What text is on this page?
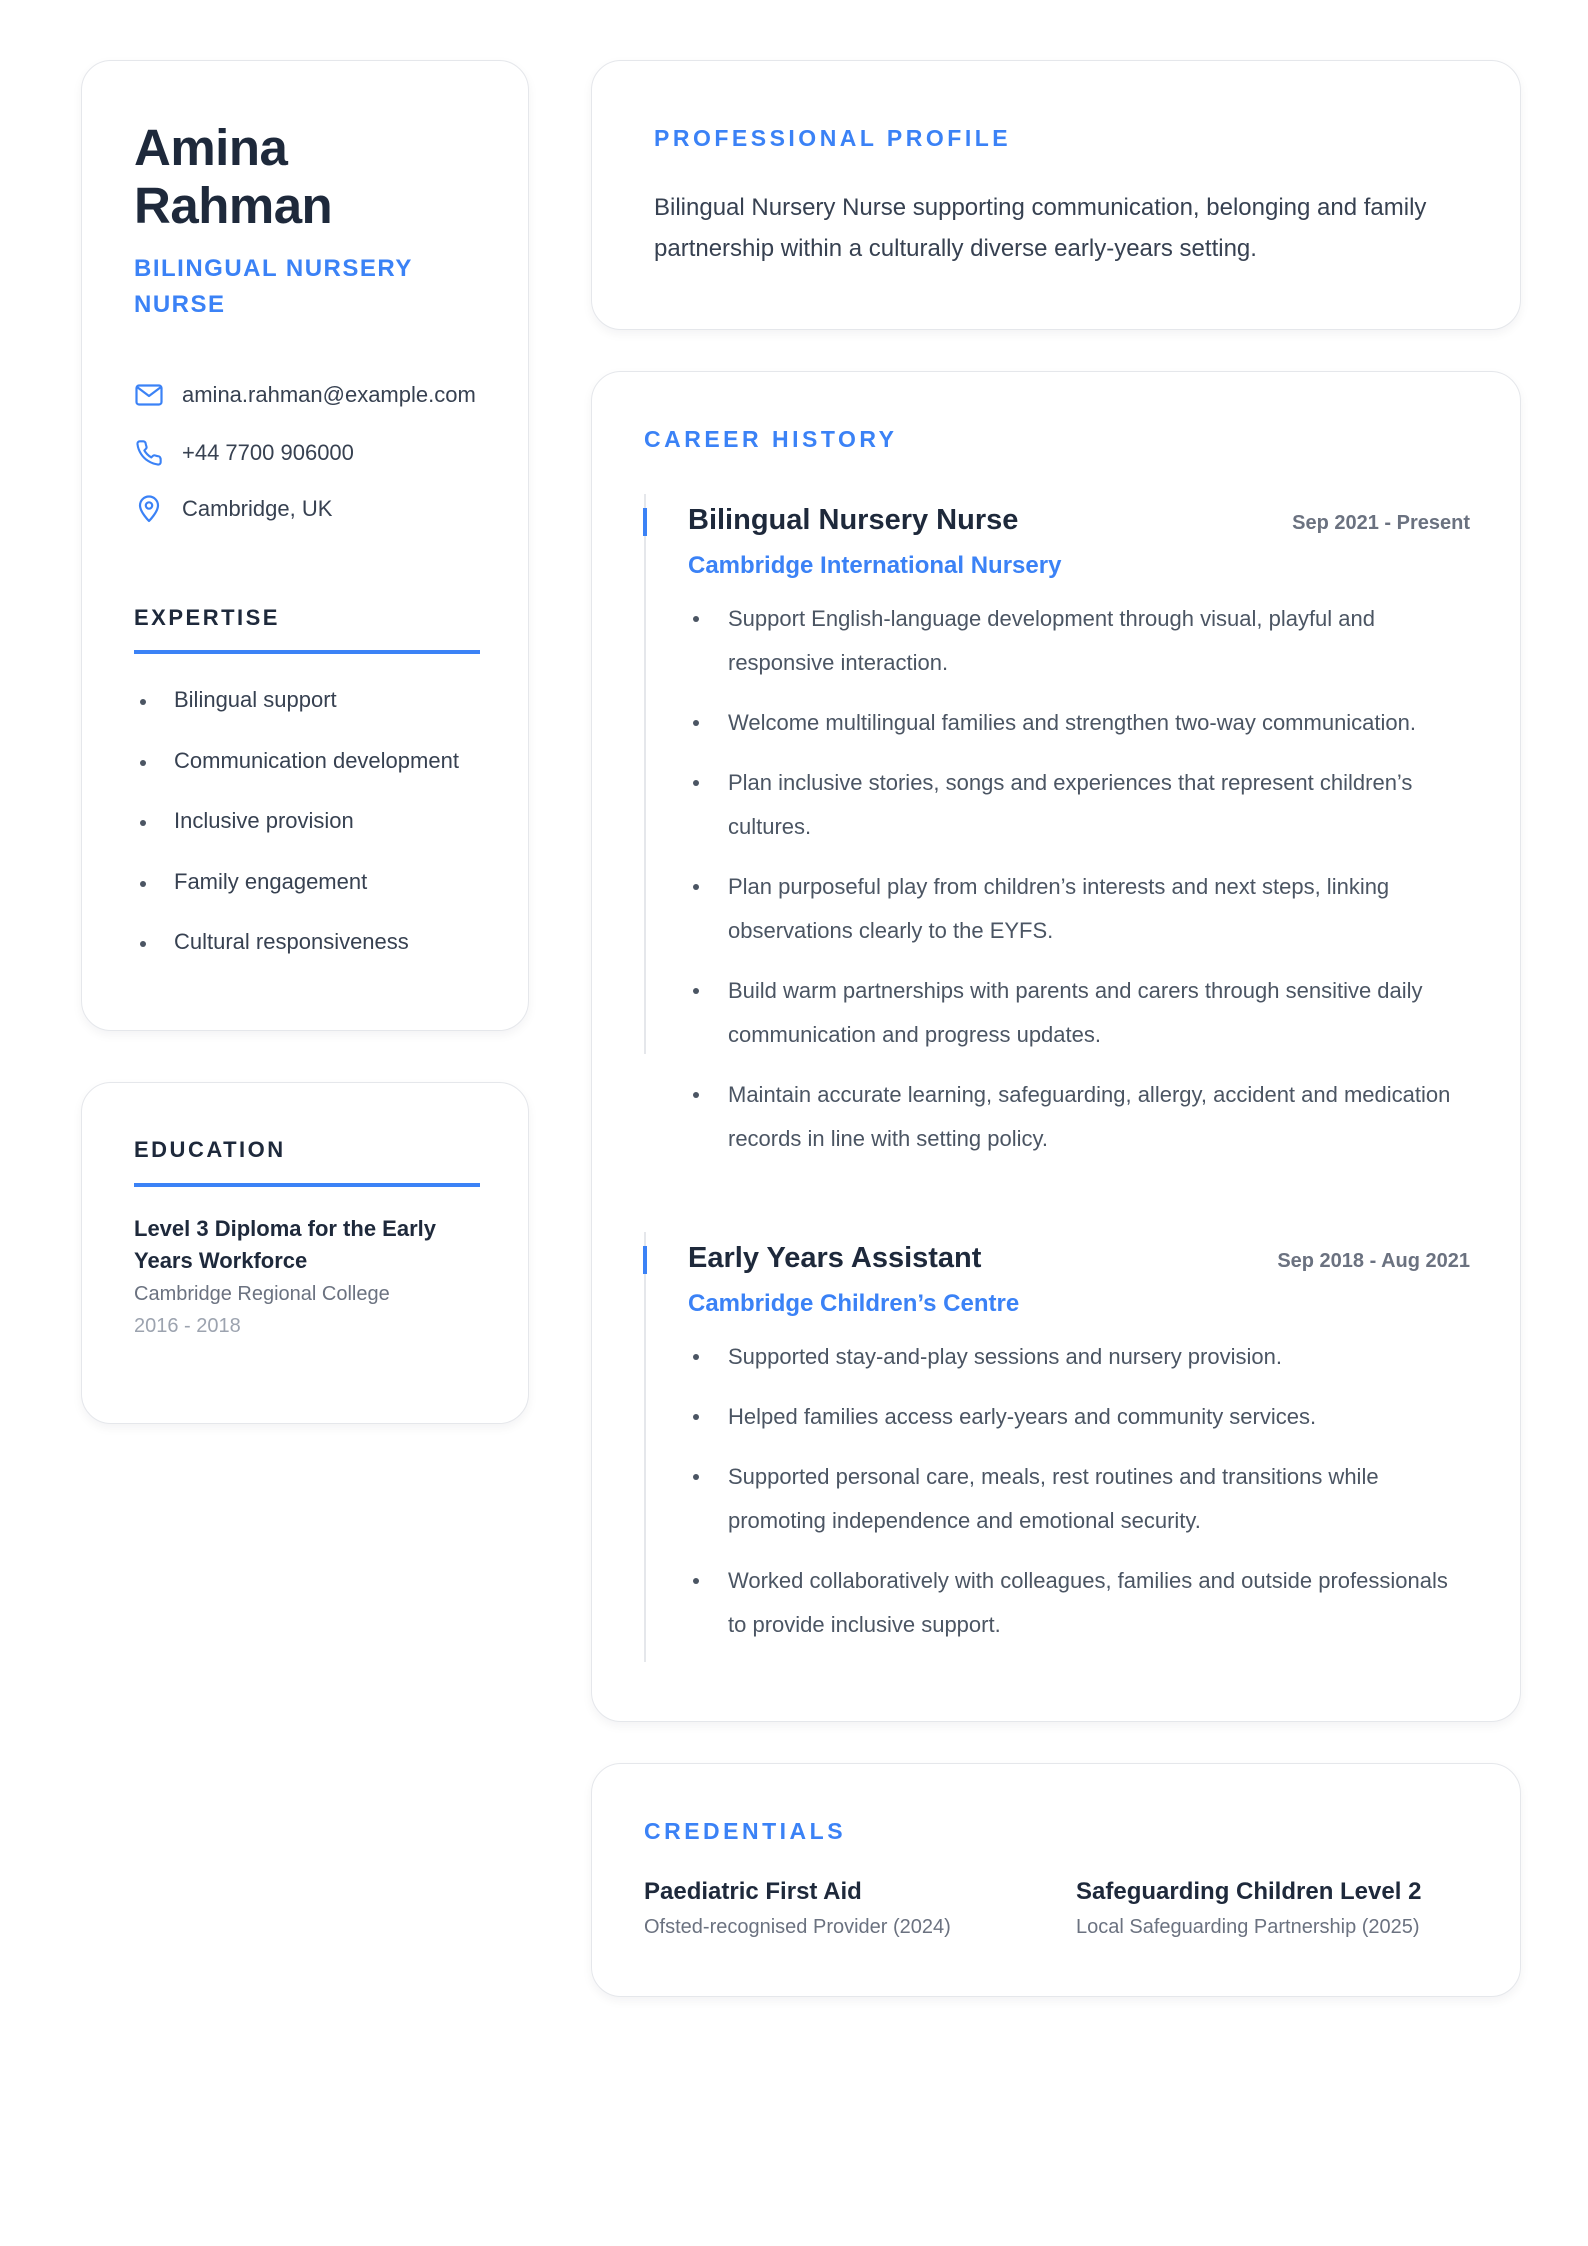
Amina Rahman
BILINGUAL NURSERY NURSE
amina.rahman@example.com
+44 7700 906000
Cambridge, UK
EXPERTISE
Bilingual support
Communication development
Inclusive provision
Family engagement
Cultural responsiveness
EDUCATION
Level 3 Diploma for the Early Years Workforce
Cambridge Regional College
2016 - 2018
PROFESSIONAL PROFILE
Bilingual Nursery Nurse supporting communication, belonging and family partnership within a culturally diverse early-years setting.
CAREER HISTORY
Bilingual Nursery Nurse	Sep 2021 - Present
Cambridge International Nursery
Support English-language development through visual, playful and responsive interaction.
Welcome multilingual families and strengthen two-way communication.
Plan inclusive stories, songs and experiences that represent children’s cultures.
Plan purposeful play from children’s interests and next steps, linking observations clearly to the EYFS.
Build warm partnerships with parents and carers through sensitive daily communication and progress updates.
Maintain accurate learning, safeguarding, allergy, accident and medication records in line with setting policy.
Early Years Assistant	Sep 2018 - Aug 2021
Cambridge Children’s Centre
Supported stay-and-play sessions and nursery provision.
Helped families access early-years and community services.
Supported personal care, meals, rest routines and transitions while promoting independence and emotional security.
Worked collaboratively with colleagues, families and outside professionals to provide inclusive support.
CREDENTIALS
Paediatric First Aid
Ofsted-recognised Provider (2024)
Safeguarding Children Level 2
Local Safeguarding Partnership (2025)
